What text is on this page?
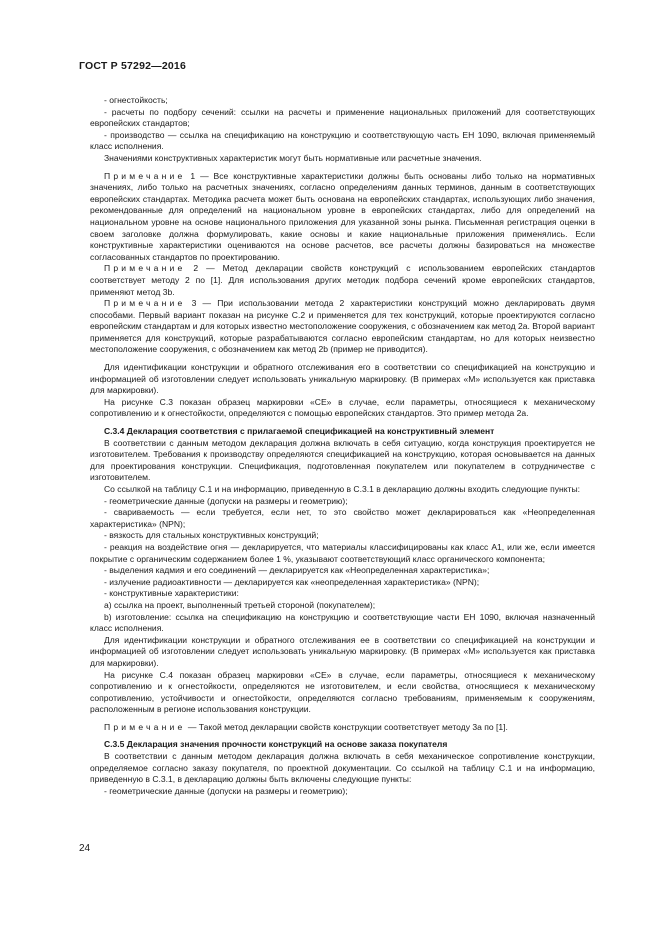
ГОСТ Р 57292—2016

- огнестойкость;

- расчеты по подбору сечений: ссылки на расчеты и применение национальных приложений для соответствующих европейских стандартов;

- производство — ссылка на спецификацию на конструкцию и соответствующую часть ЕН 1090, включая применяемый класс исполнения.

Значениями конструктивных характеристик могут быть нормативные или расчетные значения.

Примечание 1 — Все конструктивные характеристики должны быть основаны либо только на нормативных значениях, либо только на расчетных значениях, согласно определениям данных терминов, данным в соответствующих европейских стандартах. Методика расчета может быть основана на европейских стандартах, использующих либо значения, рекомендованные для определений на национальном уровне в европейских стандартах, либо для определений на национальном уровне на основе национального приложения для указанной зоны рынка. Письменная регистрация оценки в своем заголовке должна формулировать, какие основы и какие национальные приложения применялись. Если конструктивные характеристики оцениваются на основе расчетов, все расчеты должны базироваться на множестве согласованных стандартов по проектированию.

Примечание 2 — Метод декларации свойств конструкций с использованием европейских стандартов соответствует методу 2 по [1]. Для использования других методик подбора сечений кроме европейских стандартов, применяют метод 3b.

Примечание 3 — При использовании метода 2 характеристики конструкций можно декларировать двумя способами. Первый вариант показан на рисунке С.2 и применяется для тех конструкций, которые проектируются согласно европейским стандартам и для которых известно местоположение сооружения, с обозначением как метод 2а. Второй вариант применяется для конструкций, которые разрабатываются согласно европейским стандартам, но для которых неизвестно местоположение сооружения, с обозначением как метод 2b (пример не приводится).

Для идентификации конструкции и обратного отслеживания его в соответствии со спецификацией на конструкцию и информацией об изготовлении следует использовать уникальную маркировку. (В примерах «М» используется как приставка для маркировки).

На рисунке С.3 показан образец маркировки «СЕ» в случае, если параметры, относящиеся к механическому сопротивлению и к огнестойкости, определяются с помощью европейских стандартов. Это пример метода 2а.

С.3.4 Декларация соответствия с прилагаемой спецификацией на конструктивный элемент

В соответствии с данным методом декларация должна включать в себя ситуацию, когда конструкция проектируется не изготовителем. Требования к производству определяются спецификацией на конструкцию, которая основывается на данных для проектирования конструкции. Спецификация, подготовленная покупателем или покупателем в сотрудничестве с изготовителем.

Со ссылкой на таблицу С.1 и на информацию, приведенную в С.3.1 в декларацию должны входить следующие пункты:

- геометрические данные (допуски на размеры и геометрию);

- свариваемость — если требуется, если нет, то это свойство может декларироваться как «Неопределенная характеристика» (NPN);

- вязкость для стальных конструктивных конструкций;

- реакция на воздействие огня — декларируется, что материалы классифицированы как класс А1, или же, если имеется покрытие с органическим содержанием более 1 %, указывают соответствующий класс органического компонента;

- выделения кадмия и его соединений — декларируется как «Неопределенная характеристика»;

- излучение радиоактивности — декларируется как «неопределенная характеристика» (NPN);

- конструктивные характеристики:

a) ссылка на проект, выполненный третьей стороной (покупателем);

b) изготовление: ссылка на спецификацию на конструкцию и соответствующие части ЕН 1090, включая назначенный класс исполнения.

Для идентификации конструкции и обратного отслеживания ее в соответствии со спецификацией на конструкции и информацией об изготовлении следует использовать уникальную маркировку. (В примерах «М» используется как приставка для маркировки).

На рисунке С.4 показан образец маркировки «СЕ» в случае, если параметры, относящиеся к механическому сопротивлению и к огнестойкости, определяются не изготовителем, и если свойства, относящиеся к механическому сопротивлению, устойчивости и огнестойкости, определяются согласно требованиям, применяемым к сооружениям, расположенным в регионе использования конструкции.

Примечание — Такой метод декларации свойств конструкции соответствует методу 3а по [1].

С.3.5 Декларация значения прочности конструкций на основе заказа покупателя

В соответствии с данным методом декларация должна включать в себя механическое сопротивление конструкции, определяемое согласно заказу покупателя, по проектной документации. Со ссылкой на таблицу С.1 и на информацию, приведенную в С.3.1, в декларацию должны быть включены следующие пункты:

- геометрические данные (допуски на размеры и геометрию);

24
